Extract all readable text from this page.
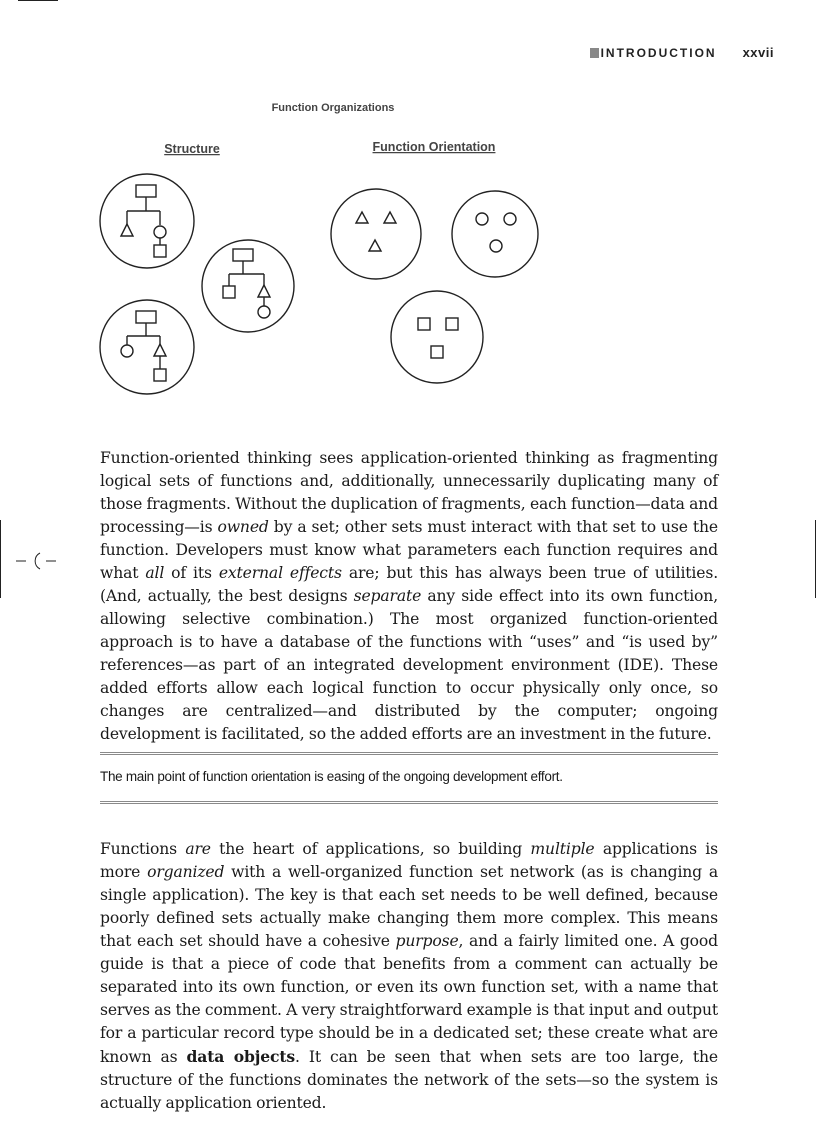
INTRODUCTION xxvii
Function Organizations
Structure	Function Orientation

Function-oriented thinking sees application-oriented thinking as fragmenting logical sets of functions and, additionally, unnecessarily duplicating many of those fragments. Without the duplication of fragments, each function—data and processing—is owned by a set; other sets must interact with that set to use the function. Developers must know what parameters each function requires and what all of its external effects are; but this has always been true of utilities. (And, actually, the best designs separate any side effect into its own function, allowing selective combination.) The most organized function-oriented approach is to have a database of the functions with “uses” and “is used by” references—as part of an integrated development environment (IDE). These added efforts allow each logical function to occur physically only once, so changes are centralized—and distributed by the computer; ongoing development is facilitated, so the added efforts are an investment in the future.

The main point of function orientation is easing of the ongoing development effort.

Functions are the heart of applications, so building multiple applications is more organized with a well-organized function set network (as is changing a single application). The key is that each set needs to be well defined, because poorly defined sets actually make changing them more complex. This means that each set should have a cohesive purpose, and a fairly limited one. A good guide is that a piece of code that benefits from a comment can actually be separated into its own function, or even its own function set, with a name that serves as the comment. A very straightforward example is that input and output for a particular record type should be in a dedicated set; these create what are known as data objects. It can be seen that when sets are too large, the structure of the functions dominates the network of the sets—so the system is actually application oriented.
